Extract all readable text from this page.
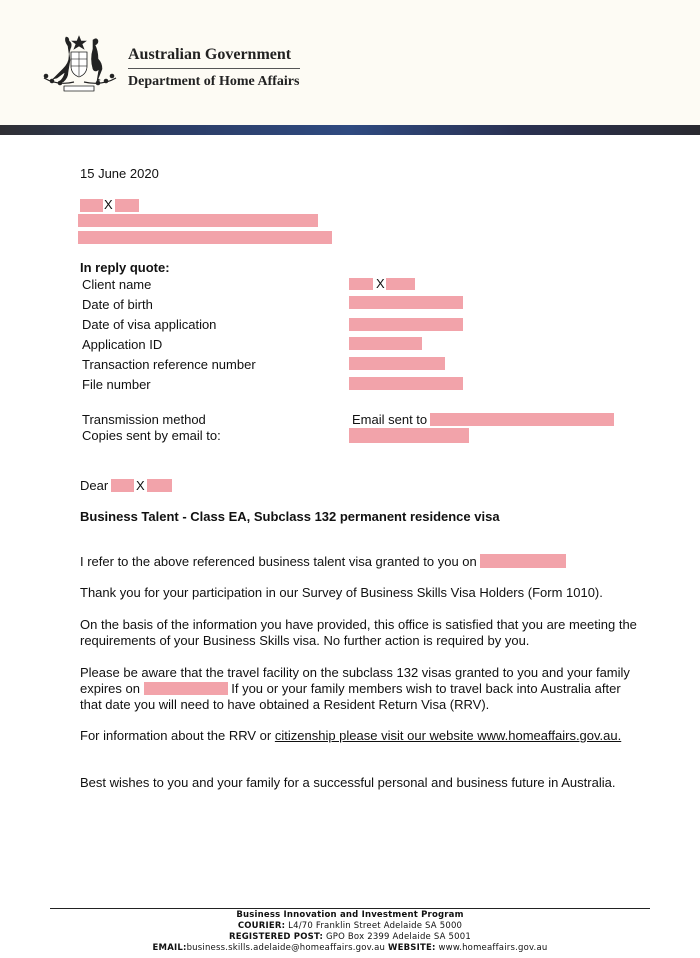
Australian Government
Department of Home Affairs
15 June 2020
X
In reply quote:
Client name	X
Date of birth
Date of visa application
Application ID
Transaction reference number
File number
Transmission method	Email sent to
Copies sent by email to:
Dear X
Business Talent - Class EA, Subclass 132 permanent residence visa
I refer to the above referenced business talent visa granted to you on
Thank you for your participation in our Survey of Business Skills Visa Holders (Form 1010).
On the basis of the information you have provided, this office is satisfied that you are meeting the requirements of your Business Skills visa. No further action is required by you.
Please be aware that the travel facility on the subclass 132 visas granted to you and your family expires on	If you or your family members wish to travel back into Australia after that date you will need to have obtained a Resident Return Visa (RRV).
For information about the RRV or citizenship please visit our website www.homeaffairs.gov.au.
Best wishes to you and your family for a successful personal and business future in Australia.
Business Innovation and Investment Program
COURIER: L4/70 Franklin Street Adelaide SA 5000
REGISTERED POST: GPO Box 2399 Adelaide SA 5001
EMAIL:business.skills.adelaide@homeaffairs.gov.au WEBSITE: www.homeaffairs.gov.au
